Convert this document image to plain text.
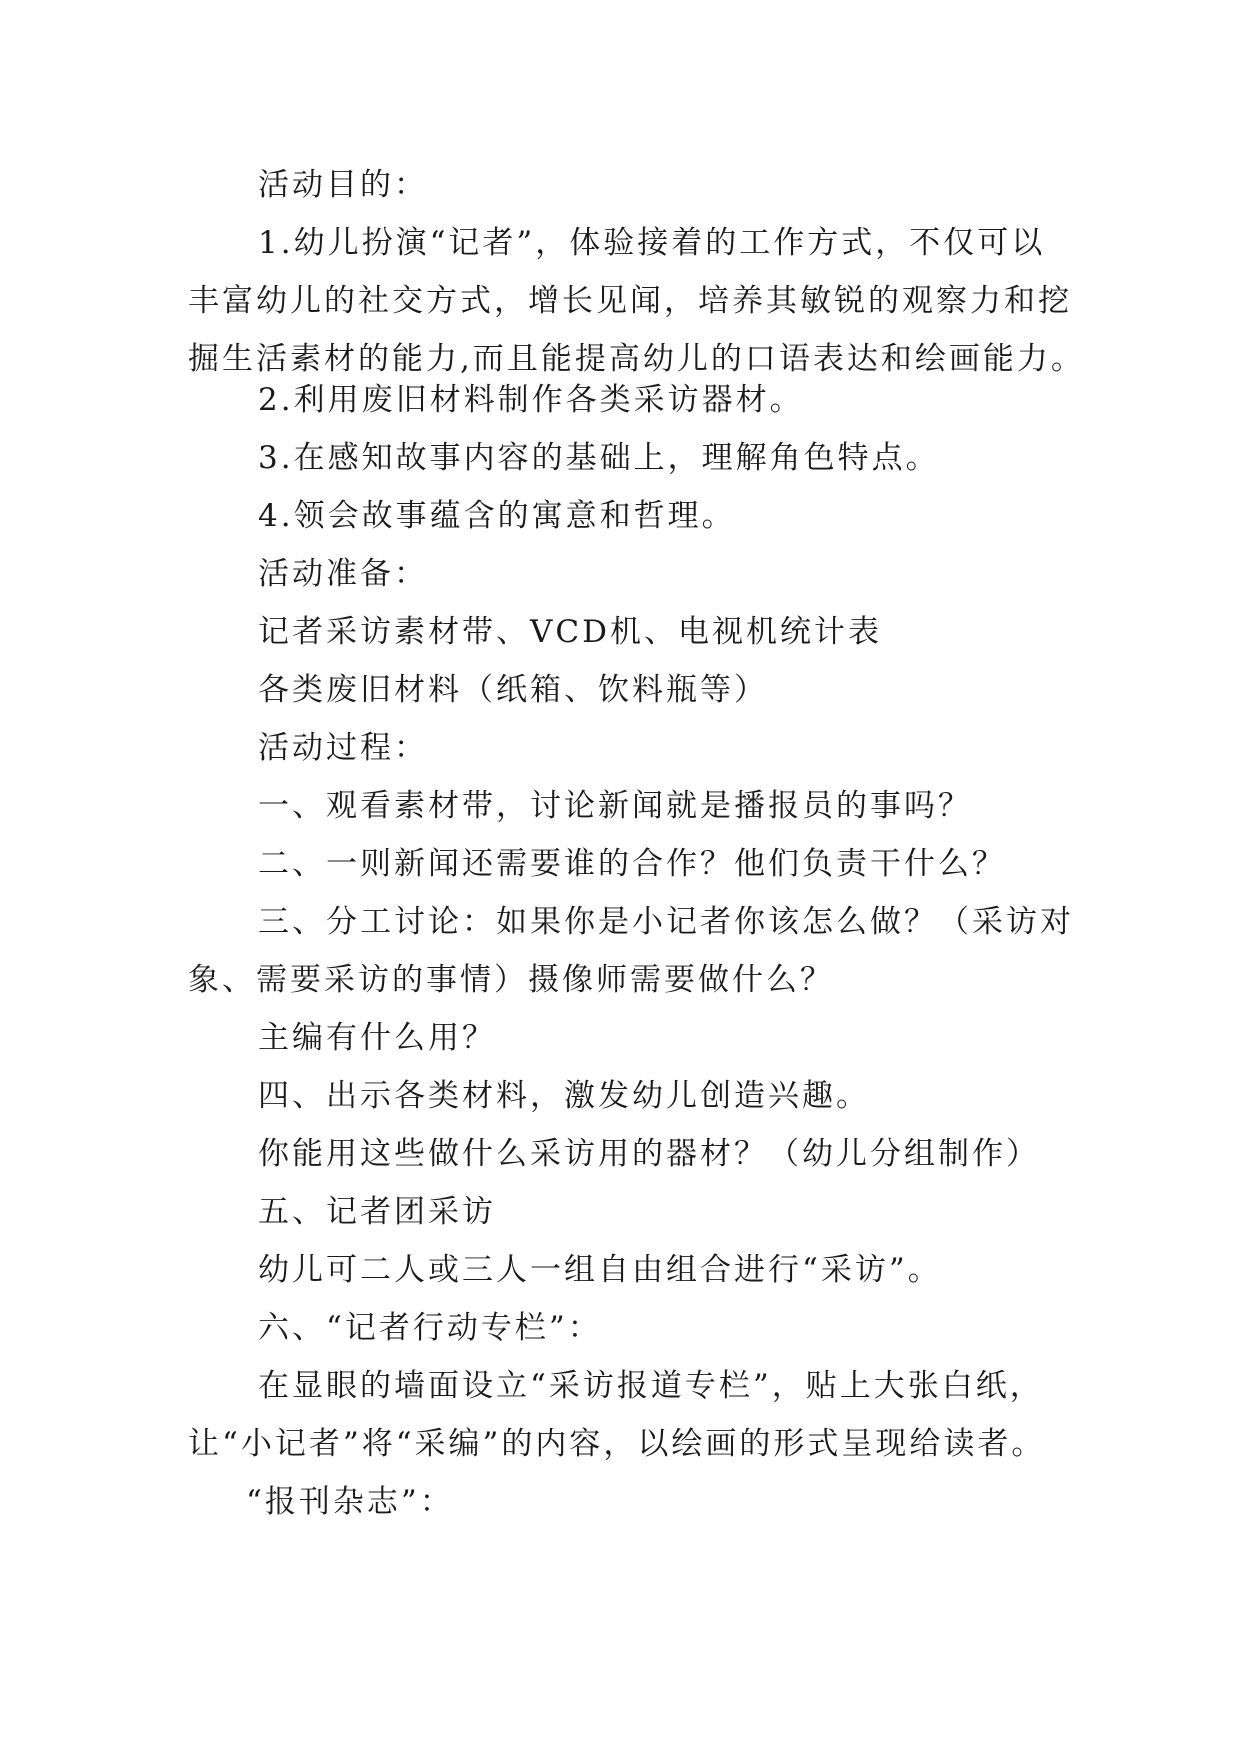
活动目的：
1.幼儿扮演“记者”，体验接着的工作方式，不仅可以
丰富幼儿的社交方式，增长见闻，培养其敏锐的观察力和挖
掘生活素材的能力,而且能提高幼儿的口语表达和绘画能力。
2.利用废旧材料制作各类采访器材。
3.在感知故事内容的基础上，理解角色特点。
4.领会故事蕴含的寓意和哲理。
活动准备：
记者采访素材带、VCD机、电视机统计表
各类废旧材料（纸箱、饮料瓶等）
活动过程：
一、观看素材带，讨论新闻就是播报员的事吗？
二、一则新闻还需要谁的合作？他们负责干什么？
三、分工讨论：如果你是小记者你该怎么做？（采访对
象、需要采访的事情）摄像师需要做什么？
主编有什么用？
四、出示各类材料，激发幼儿创造兴趣。
你能用这些做什么采访用的器材？（幼儿分组制作）
五、记者团采访
幼儿可二人或三人一组自由组合进行“采访”。
六、“记者行动专栏”：
在显眼的墙面设立“采访报道专栏”，贴上大张白纸，
让“小记者”将“采编”的内容，以绘画的形式呈现给读者。
“报刊杂志”：
